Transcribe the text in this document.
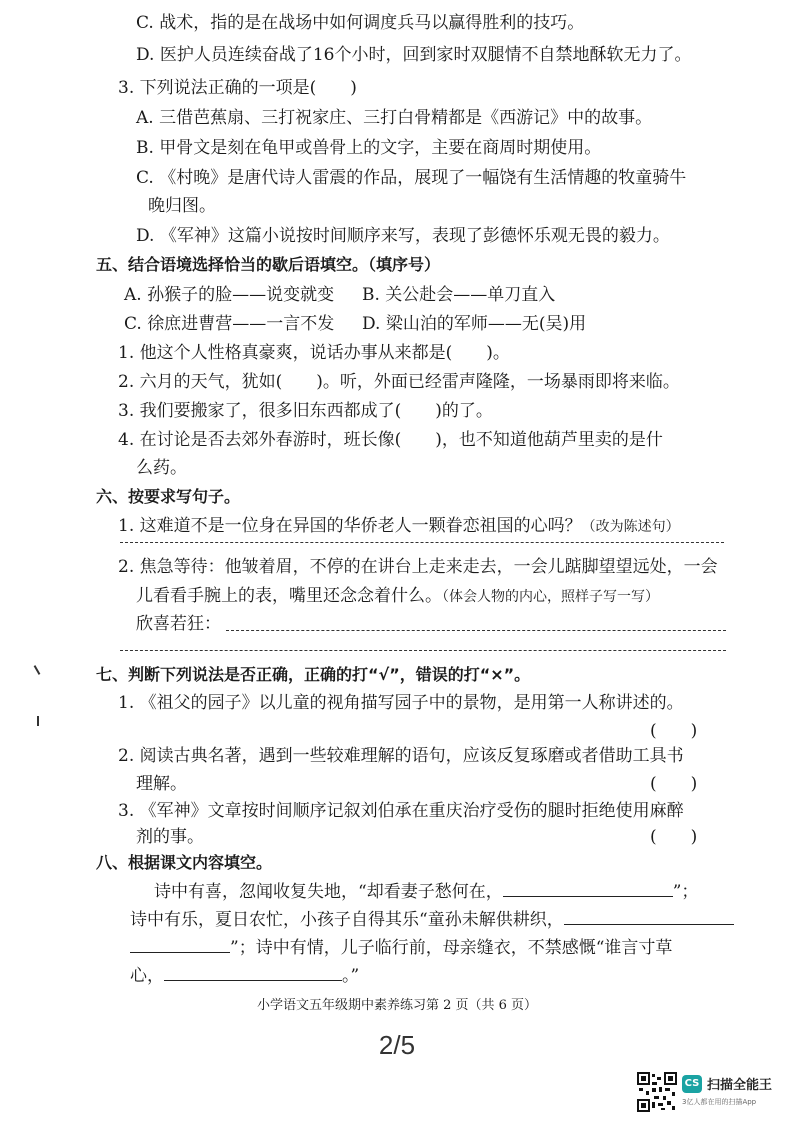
C. 战术，指的是在战场中如何调度兵马以赢得胜利的技巧。
D. 医护人员连续奋战了16个小时，回到家时双腿情不自禁地酥软无力了。
3. 下列说法正确的一项是(　　)
A. 三借芭蕉扇、三打祝家庄、三打白骨精都是《西游记》中的故事。
B. 甲骨文是刻在龟甲或兽骨上的文字，主要在商周时期使用。
C. 《村晚》是唐代诗人雷震的作品，展现了一幅饶有生活情趣的牧童骑牛
晚归图。
D. 《军神》这篇小说按时间顺序来写，表现了彭德怀乐观无畏的毅力。
五、结合语境选择恰当的歇后语填空。（填序号）
A. 孙猴子的脸——说变就变 B. 关公赴会——单刀直入
C. 徐庶进曹营——一言不发 D. 梁山泊的军师——无(吴)用
1. 他这个人性格真豪爽，说话办事从来都是(　　)。
2. 六月的天气，犹如(　　)。听，外面已经雷声隆隆，一场暴雨即将来临。
3. 我们要搬家了，很多旧东西都成了(　　)的了。
4. 在讨论是否去郊外春游时，班长像(　　)，也不知道他葫芦里卖的是什
么药。
六、按要求写句子。
1. 这难道不是一位身在异国的华侨老人一颗眷恋祖国的心吗？（改为陈述句）
2. 焦急等待：他皱着眉，不停的在讲台上走来走去，一会儿踮脚望望远处，一会
儿看看手腕上的表，嘴里还念念着什么。（体会人物的内心，照样子写一写）
欣喜若狂：
七、判断下列说法是否正确，正确的打“√”，错误的打“×”。
1. 《祖父的园子》以儿童的视角描写园子中的景物，是用第一人称讲述的。
(　　)
2. 阅读古典名著，遇到一些较难理解的语句，应该反复琢磨或者借助工具书
理解。	(　　)
3. 《军神》文章按时间顺序记叙刘伯承在重庆治疗受伤的腿时拒绝使用麻醉
剂的事。	(　　)
八、根据课文内容填空。
诗中有喜，忽闻收复失地，“却看妻子愁何在，	”；
诗中有乐，夏日农忙，小孩子自得其乐“童孙未解供耕织，
”；诗中有情，儿子临行前，母亲缝衣，不禁感慨“谁言寸草
心，	。”
小学语文五年级期中素养练习第 2 页（共 6 页）
2/5
CS 扫描全能王
3亿人都在用的扫描App
